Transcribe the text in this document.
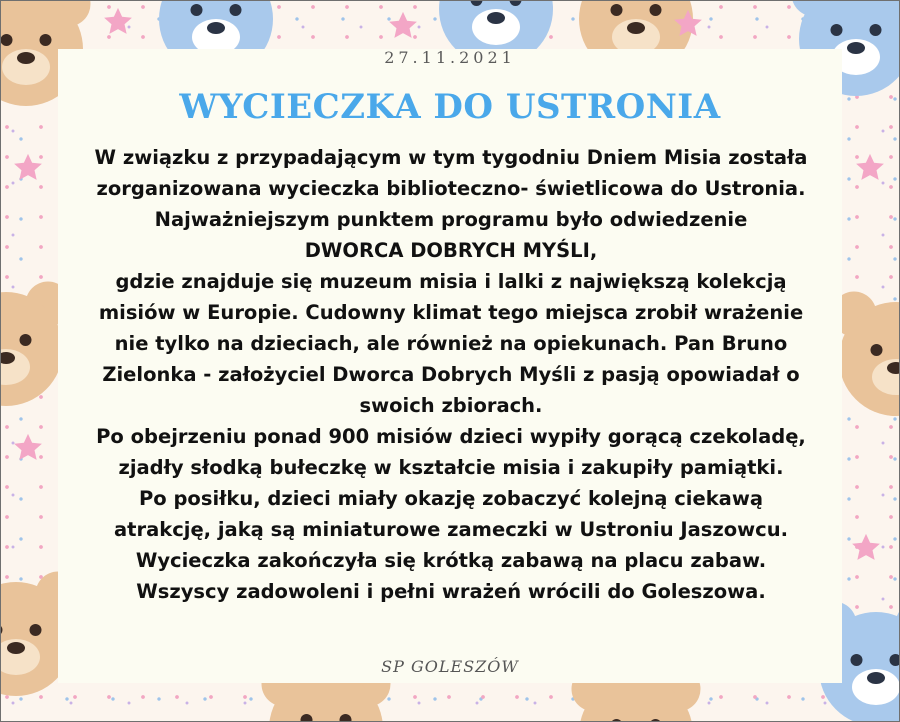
27.11.2021
WYCIECZKA DO USTRONIA
W związku z przypadającym w tym tygodniu Dniem Misia została
zorganizowana wycieczka biblioteczno- świetlicowa do Ustronia.
Najważniejszym punktem programu było odwiedzenie
DWORCA DOBRYCH MYŚLI,
gdzie znajduje się muzeum misia i lalki z największą kolekcją
misiów w Europie. Cudowny klimat tego miejsca zrobił wrażenie
nie tylko na dzieciach, ale również na opiekunach. Pan Bruno
Zielonka - założyciel Dworca Dobrych Myśli z pasją opowiadał o
swoich zbiorach.
Po obejrzeniu ponad 900 misiów dzieci wypiły gorącą czekoladę,
zjadły słodką bułeczkę w kształcie misia i zakupiły pamiątki.
Po posiłku, dzieci miały okazję zobaczyć kolejną ciekawą
atrakcję, jaką są miniaturowe zameczki w Ustroniu Jaszowcu.
Wycieczka zakończyła się krótką zabawą na placu zabaw.
Wszyscy zadowoleni i pełni wrażeń wrócili do Goleszowa.
SP GOLESZÓW
